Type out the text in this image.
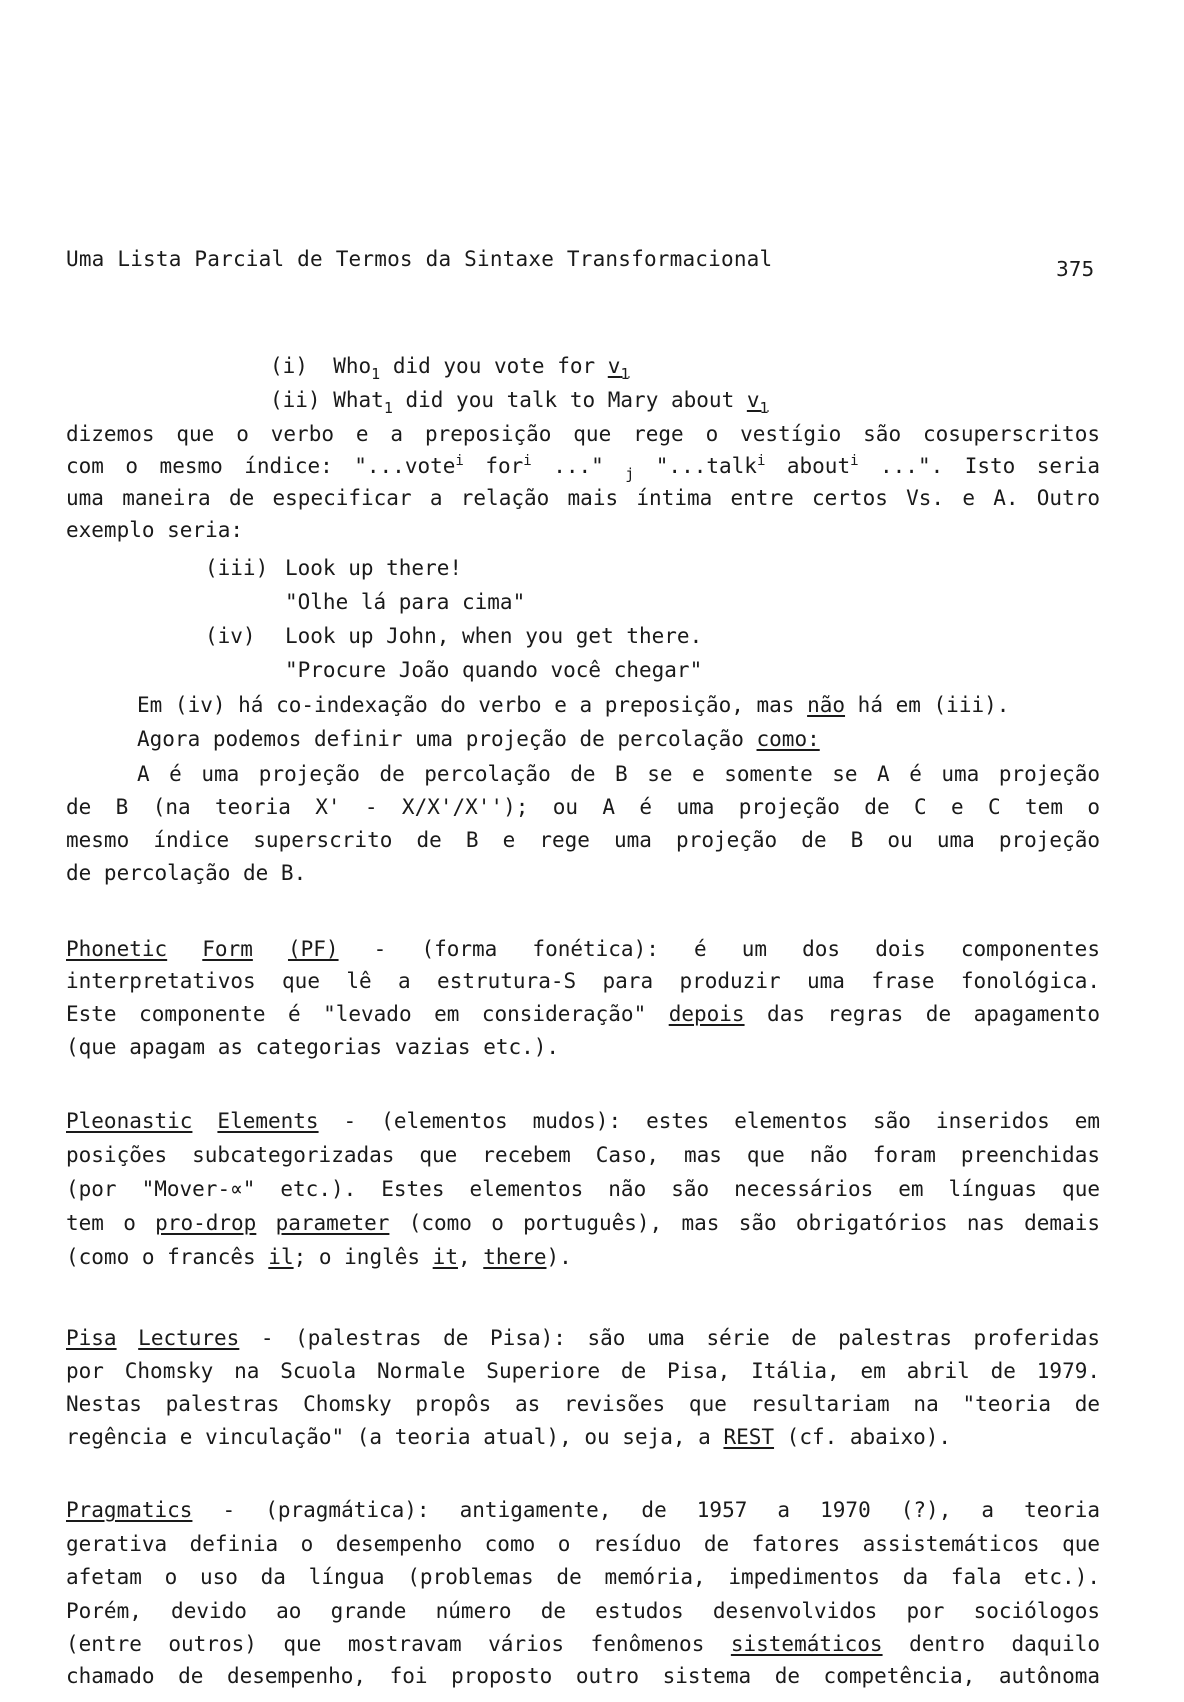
Uma Lista Parcial de Termos da Sintaxe Transformacional	375
(i) Who$_1$ did you vote for $v_1$
(ii) What$_1$ did you talk to Mary about $v_1$
dizemos que o verbo e a preposição que rege o vestígio são cosuperscritos
com o mesmo índice: "...vote$^i$ for$^i$ ..." $_j$ "...talk$^i$ about$^i$ ...". Isto seria
uma maneira de especificar a relação mais íntima entre certos Vs. e A. Outro
exemplo seria:
(iii) Look up there!
"Olhe lá para cima"
(iv) Look up John, when you get there.
"Procure João quando você chegar"
Em (iv) há co-indexação do verbo e a preposição, mas não há em (iii).
Agora podemos definir uma projeção de percolação como:
A é uma projeção de percolação de B se e somente se A é uma projeção
de B (na teoria X' - X/X'/X''); ou A é uma projeção de C e C tem o
mesmo índice superscrito de B e rege uma projeção de B ou uma projeção
de percolação de B.
Phonetic Form (PF) - (forma fonética): é um dos dois componentes
interpretativos que lê a estrutura-S para produzir uma frase fonológica.
Este componente é "levado em consideração" depois das regras de apagamento
(que apagam as categorias vazias etc.).
Pleonastic Elements - (elementos mudos): estes elementos são inseridos em
posições subcategorizadas que recebem Caso, mas que não foram preenchidas
(por "Mover-∝" etc.). Estes elementos não são necessários em línguas que
tem o pro-drop parameter (como o português), mas são obrigatórios nas demais
(como o francês il; o inglês it, there).
Pisa Lectures - (palestras de Pisa): são uma série de palestras proferidas
por Chomsky na Scuola Normale Superiore de Pisa, Itália, em abril de 1979.
Nestas palestras Chomsky propôs as revisões que resultariam na "teoria de
regência e vinculação" (a teoria atual), ou seja, a REST (cf. abaixo).
Pragmatics - (pragmática): antigamente, de 1957 a 1970 (?), a teoria
gerativa definia o desempenho como o resíduo de fatores assistemáticos que
afetam o uso da língua (problemas de memória, impedimentos da fala etc.).
Porém, devido ao grande número de estudos desenvolvidos por sociólogos
(entre outros) que mostravam vários fenômenos sistemáticos dentro daquilo
chamado de desempenho, foi proposto outro sistema de competência, autônoma
